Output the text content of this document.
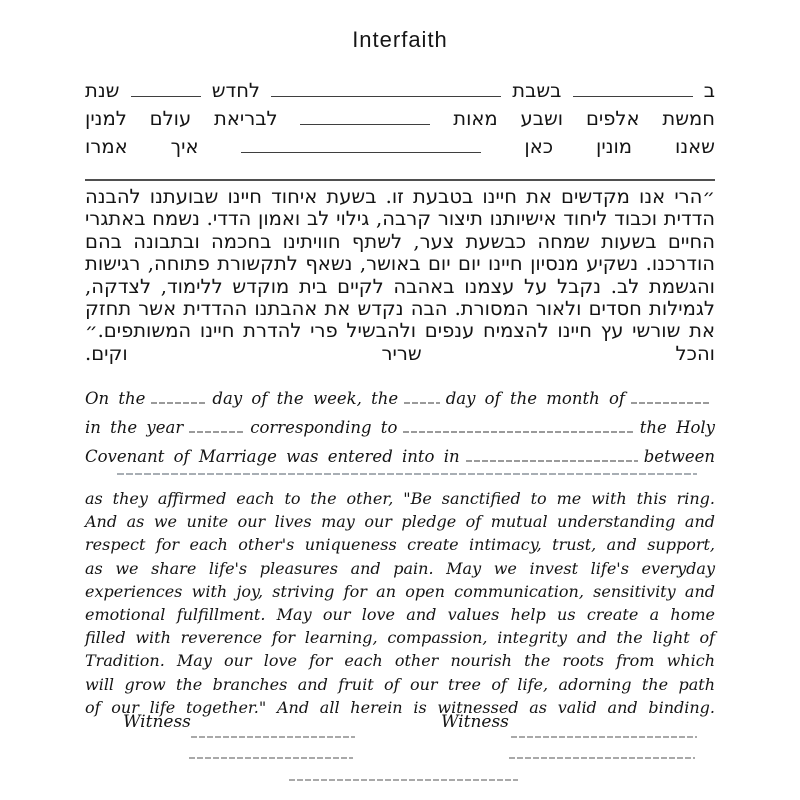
Interfaith
ב
בשבת
לחדש
שנת
חמשת
אלפים
ושבע
מאות
לבריאת
עולם
למנין
שאנו
מונין
כאן
איך
אמרו
״הרי אנו מקדשים את חיינו בטבעת זו. בשעת איחוד חיינו שבועתנו להבנה הדדית וכבוד ליחוד אישיותנו תיצור קרבה, גילוי לב ואמון הדדי. נשמח באתגרי החיים בשעות שמחה כבשעת צער, לשתף חוויתינו בחכמה ובתבונה בהם הודרכנו. נשקיע מנסיון חיינו יום יום באושר, נשאף לתקשורת פתוחה, רגישות והגשמת לב. נקבל על עצמנו באהבה לקיים בית מוקדש ללימוד, לצדקה, לגמילות חסדים ולאור המסורת. הבה נקדש את אהבתנו ההדדית אשר תחזק את שורשי עץ חיינו להצמיח ענפים ולהבשיל פרי להדרת חיינו המשותפים.״ והכל שריר וקים.
On the	day of the week, the	day of the month of
in the year	corresponding to	the Holy
Covenant of Marriage was entered into in	between
as they affirmed each to the other, "Be sanctified to me with this ring. And as we unite our lives may our pledge of mutual understanding and respect for each other's uniqueness create intimacy, trust, and support, as we share life's pleasures and pain. May we invest life's everyday experiences with joy, striving for an open communication, sensitivity and emotional fulfillment. May our love and values help us create a home filled with reverence for learning, compassion, integrity and the light of Tradition. May our love for each other nourish the roots from which will grow the branches and fruit of our tree of life, adorning the path of our life together." And all herein is witnessed as valid and binding.
Witness	Witness
